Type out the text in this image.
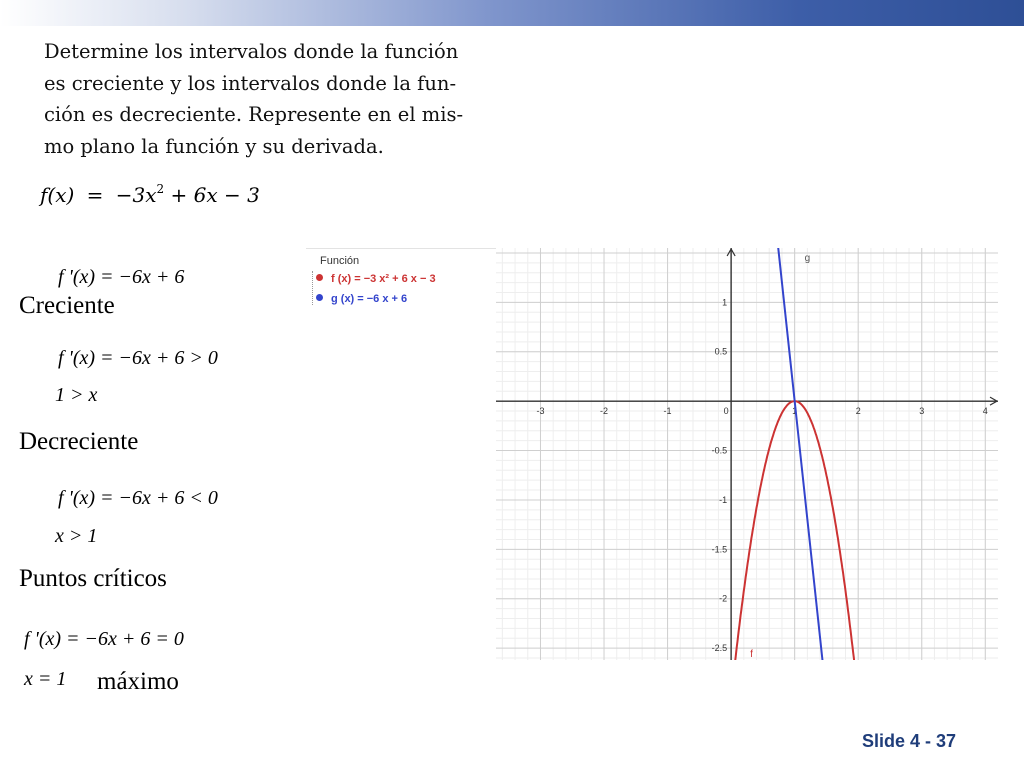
Determine los intervalos donde la función
es creciente y los intervalos donde la fun-
ción es decreciente. Represente en el mis-
mo plano la función y su derivada.
$f(x) = -3x^2 + 6x - 3$
f '(x) = −6x + 6
Creciente
f '(x) = −6x + 6 > 0
1 > x
Decreciente
f '(x) = −6x + 6 < 0
x > 1
Puntos críticos
f '(x) = −6x + 6 = 0
x = 1 máximo
Función
f (x) = −3 x² + 6 x − 3
g (x) = −6 x + 6
-3	-2	-1	0	1	2	3	4
-2.5
-2
-1.5
-1
-0.5
0.5
1
g
f
Slide 4 - 37
